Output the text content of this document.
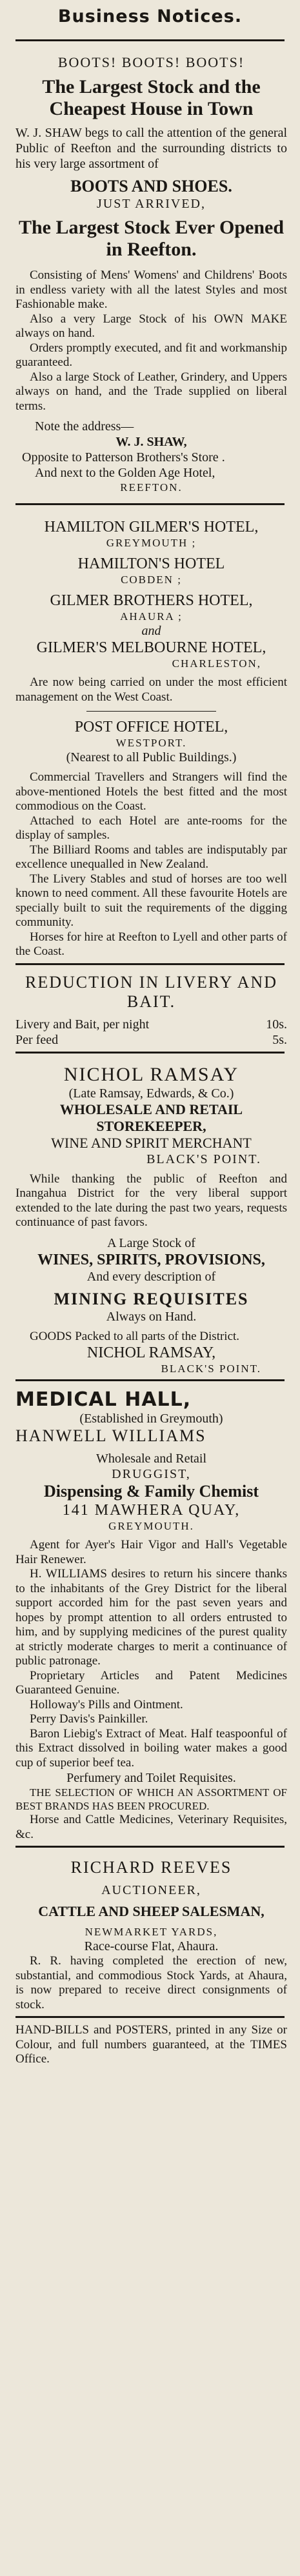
Business Notices.
BOOTS! BOOTS! BOOTS!
The Largest Stock and the Cheapest House in Town

W. J. SHAW begs to call the attention of the general Public of Reefton and the surrounding districts to his very large assortment of

BOOTS AND SHOES.
JUST ARRIVED,
The Largest Stock Ever Opened in Reefton.

Consisting of Mens' Womens' and Childrens' Boots in endless variety with all the latest Styles and most Fashionable make.

Also a very Large Stock of his OWN MAKE always on hand.

Orders promptly executed, and fit and workmanship guaranteed.

Also a large Stock of Leather, Grindery, and Uppers always on hand, and the Trade supplied on liberal terms.

Note the address—
W. J. SHAW,
Opposite to Patterson Brothers's Store .
And next to the Golden Age Hotel,
REEFTON.
HAMILTON GILMER'S HOTEL,
GREYMOUTH ;
HAMILTON'S HOTEL
COBDEN ;
GILMER BROTHERS HOTEL,
AHAURA ;
and
GILMER'S MELBOURNE HOTEL,
CHARLESTON,

Are now being carried on under the most efficient management on the West Coast.

POST OFFICE HOTEL,
WESTPORT.
(Nearest to all Public Buildings.)

Commercial Travellers and Strangers will find the above-mentioned Hotels the best fitted and the most commodious on the Coast.

Attached to each Hotel are ante-rooms for the display of samples.

The Billiard Rooms and tables are indisputably par excellence unequalled in New Zealand.

The Livery Stables and stud of horses are too well known to need comment. All these favourite Hotels are specially built to suit the requirements of the digging community.

Horses for hire at Reefton to Lyell and other parts of the Coast.

REDUCTION IN LIVERY AND BAIT.
Livery and Bait, per night	10s.
Per feed	5s.
NICHOL RAMSAY
(Late Ramsay, Edwards, & Co.)
WHOLESALE AND RETAIL STOREKEEPER,
WINE AND SPIRIT MERCHANT
BLACK'S POINT.

While thanking the public of Reefton and Inangahua District for the very liberal support extended to the late during the past two years, requests continuance of past favors.

A Large Stock of
WINES, SPIRITS, PROVISIONS,
And every description of
MINING REQUISITES
Always on Hand.

GOODS Packed to all parts of the District.

NICHOL RAMSAY,
BLACK'S POINT.
MEDICAL HALL,
(Established in Greymouth)
HANWELL WILLIAMS
Wholesale and Retail
DRUGGIST,
Dispensing & Family Chemist
141 MAWHERA QUAY,
GREYMOUTH.

Agent for Ayer's Hair Vigor and Hall's Vegetable Hair Renewer.

H. WILLIAMS desires to return his sincere thanks to the inhabitants of the Grey District for the liberal support accorded him for the past seven years and hopes by prompt attention to all orders entrusted to him, and by supplying medicines of the purest quality at strictly moderate charges to merit a continuance of public patronage.

Proprietary Articles and Patent Medicines Guaranteed Genuine.

Holloway's Pills and Ointment.

Perry Davis's Painkiller.

Baron Liebig's Extract of Meat. Half teaspoonful of this Extract dissolved in boiling water makes a good cup of superior beef tea.

Perfumery and Toilet Requisites.

THE SELECTION OF WHICH AN ASSORTMENT OF BEST BRANDS HAS BEEN PROCURED.

Horse and Cattle Medicines, Veterinary Requisites, &c.

RICHARD REEVES
AUCTIONEER,
CATTLE AND SHEEP SALESMAN,
NEWMARKET YARDS,
Race-course Flat, Ahaura.

R. R. having completed the erection of new, substantial, and commodious Stock Yards, at Ahaura, is now prepared to receive direct consignments of stock.

HAND-BILLS and POSTERS, printed in any Size or Colour, and full numbers guaranteed, at the TIMES Office.
